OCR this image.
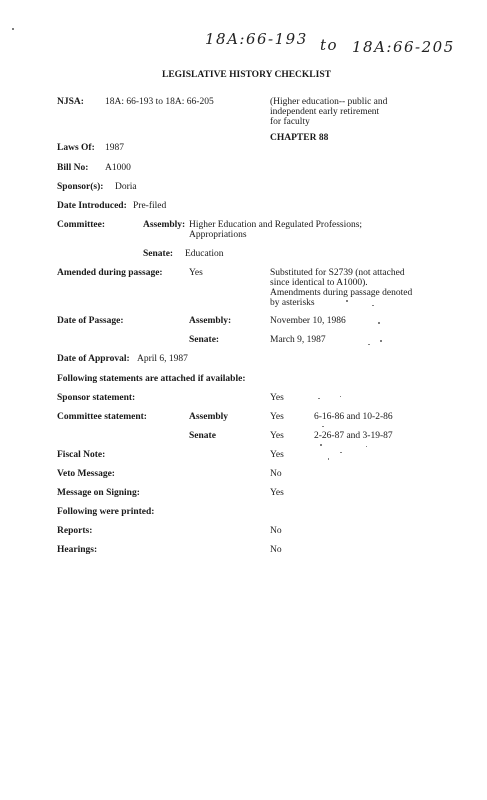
18A:66-193 to 18A:66-205
LEGISLATIVE HISTORY CHECKLIST
NJSA: 18A: 66-193 to 18A: 66-205	(Higher education-- public and
independent early retirement
for faculty
CHAPTER 88
Laws Of: 1987
Bill No: A1000
Sponsor(s): Doria
Date Introduced: Pre-filed
Committee:	Assembly: Higher Education and Regulated Professions;
Appropriations
Senate: Education
Amended during passage:	Yes	Substituted for S2739 (not attached
since identical to A1000).
Amendments during passage denoted
by asterisks
Date of Passage:	Assembly:	November 10, 1986
Senate:	March 9, 1987
Date of Approval: April 6, 1987
Following statements are attached if available:
Sponsor statement:	Yes
Committee statement:	Assembly	Yes	6-16-86 and 10-2-86
Senate	Yes	2-26-87 and 3-19-87
Fiscal Note:	Yes
Veto Message:	No
Message on Signing:	Yes
Following were printed:
Reports:	No
Hearings:	No
